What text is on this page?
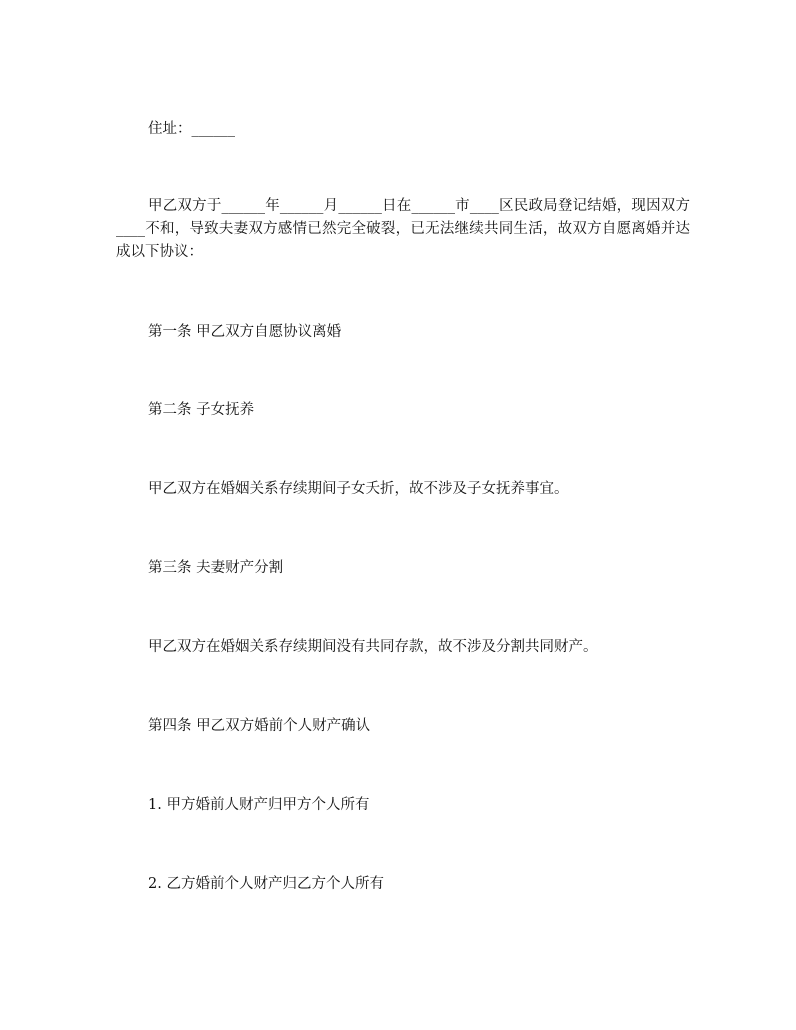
住址：______

甲乙双方于______年______月______日在______市____区民政局登记结婚，现因双方____不和，导致夫妻双方感情已然完全破裂，已无法继续共同生活，故双方自愿离婚并达成以下协议：

第一条 甲乙双方自愿协议离婚
第二条 子女抚养
甲乙双方在婚姻关系存续期间子女夭折，故不涉及子女抚养事宜。
第三条 夫妻财产分割
甲乙双方在婚姻关系存续期间没有共同存款，故不涉及分割共同财产。
第四条 甲乙双方婚前个人财产确认
1. 甲方婚前人财产归甲方个人所有
2. 乙方婚前个人财产归乙方个人所有
